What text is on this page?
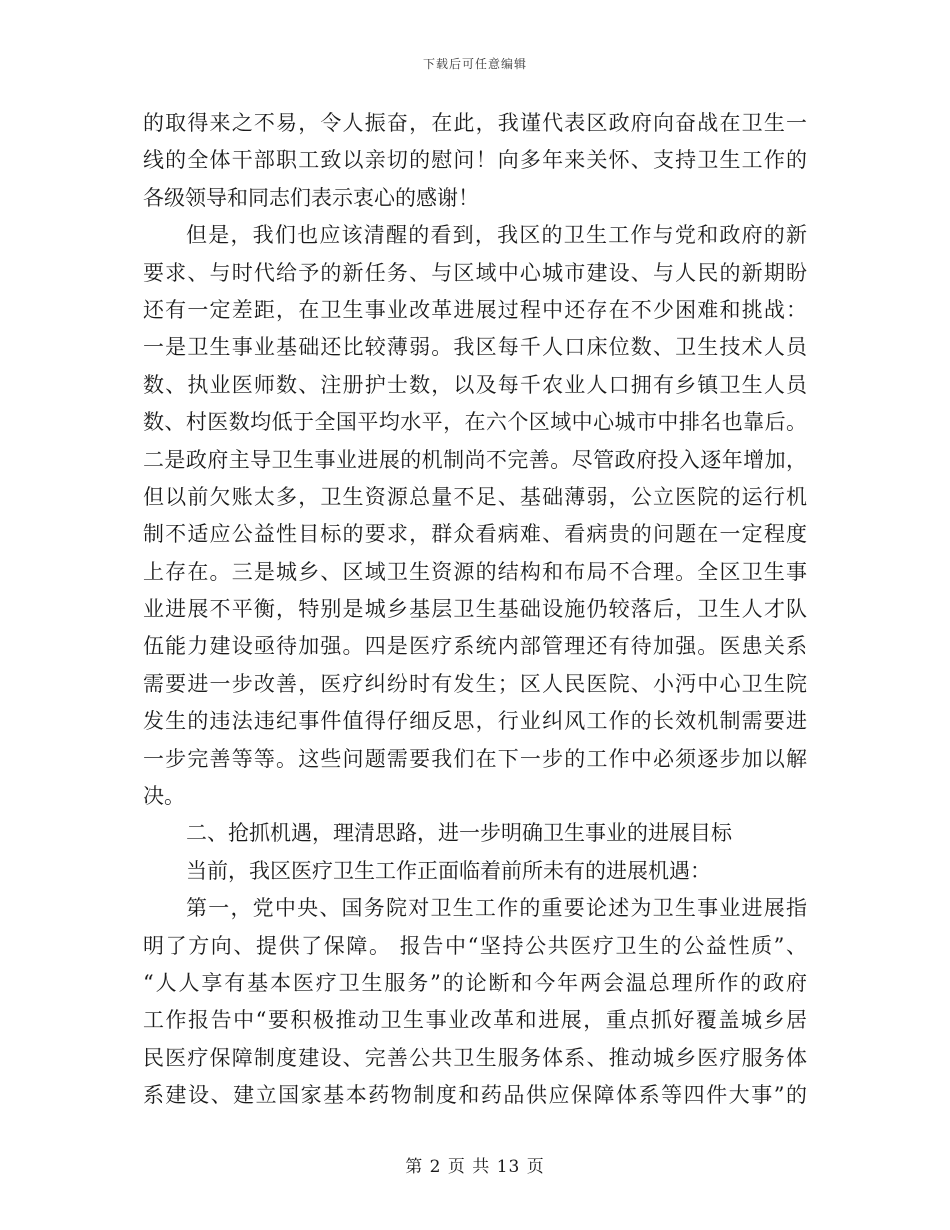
下载后可任意编辑
的取得来之不易，令人振奋，在此，我谨代表区政府向奋战在卫生一
线的全体干部职工致以亲切的慰问！向多年来关怀、支持卫生工作的
各级领导和同志们表示衷心的感谢！
但是，我们也应该清醒的看到，我区的卫生工作与党和政府的新
要求、与时代给予的新任务、与区域中心城市建设、与人民的新期盼
还有一定差距，在卫生事业改革进展过程中还存在不少困难和挑战：
一是卫生事业基础还比较薄弱。我区每千人口床位数、卫生技术人员
数、执业医师数、注册护士数，以及每千农业人口拥有乡镇卫生人员
数、村医数均低于全国平均水平，在六个区域中心城市中排名也靠后。
二是政府主导卫生事业进展的机制尚不完善。尽管政府投入逐年增加，
但以前欠账太多，卫生资源总量不足、基础薄弱，公立医院的运行机
制不适应公益性目标的要求，群众看病难、看病贵的问题在一定程度
上存在。三是城乡、区域卫生资源的结构和布局不合理。全区卫生事
业进展不平衡，特别是城乡基层卫生基础设施仍较落后，卫生人才队
伍能力建设亟待加强。四是医疗系统内部管理还有待加强。医患关系
需要进一步改善，医疗纠纷时有发生；区人民医院、小沔中心卫生院
发生的违法违纪事件值得仔细反思，行业纠风工作的长效机制需要进
一步完善等等。这些问题需要我们在下一步的工作中必须逐步加以解
决。
二、抢抓机遇，理清思路，进一步明确卫生事业的进展目标
当前，我区医疗卫生工作正面临着前所未有的进展机遇：
第一，党中央、国务院对卫生工作的重要论述为卫生事业进展指
明了方向、提供了保障。 报告中“坚持公共医疗卫生的公益性质”、
“人人享有基本医疗卫生服务”的论断和今年两会温总理所作的政府
工作报告中“要积极推动卫生事业改革和进展，重点抓好覆盖城乡居
民医疗保障制度建设、完善公共卫生服务体系、推动城乡医疗服务体
系建设、建立国家基本药物制度和药品供应保障体系等四件大事”的
第 2 页 共 13 页
